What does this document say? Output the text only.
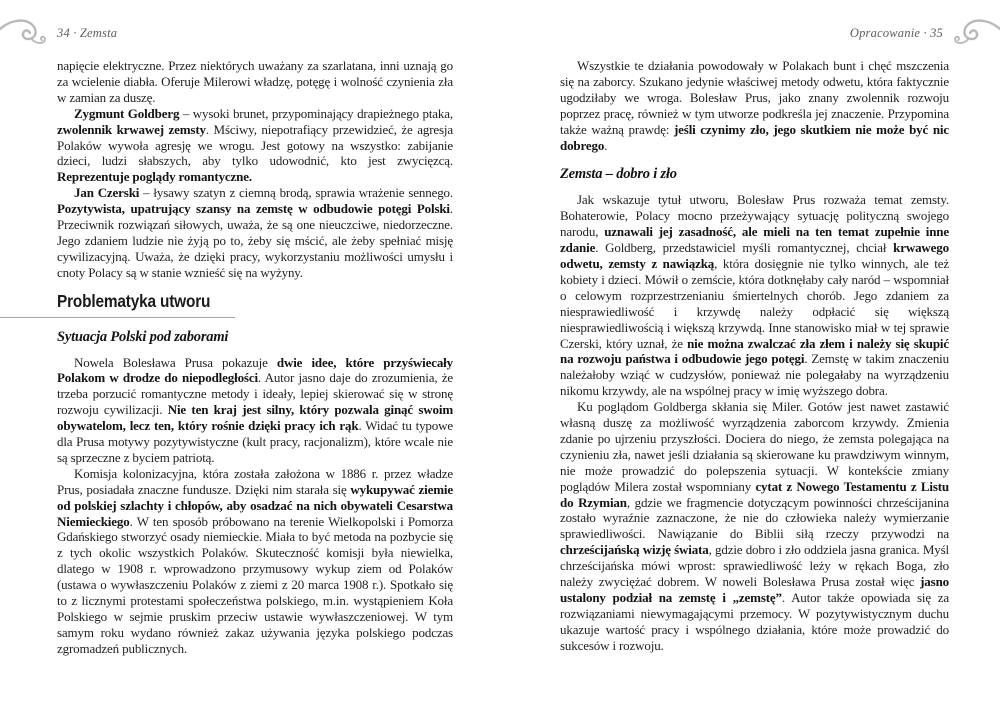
34 · Zemsta	Opracowanie · 35

napięcie elektryczne. Przez niektórych uważany za szarlatana, inni uznają go za wcielenie diabła. Oferuje Milerowi władzę, potęgę i wolność czynienia zła w zamian za duszę.

Zygmunt Goldberg – wysoki brunet, przypominający drapieżnego ptaka, zwolennik krwawej zemsty. Mściwy, niepotrafiący przewidzieć, że agresja Polaków wywoła agresję we wrogu. Jest gotowy na wszystko: zabijanie dzieci, ludzi słabszych, aby tylko udowodnić, kto jest zwycięzcą. Reprezentuje poglądy romantyczne.

Jan Czerski – łysawy szatyn z ciemną brodą, sprawia wrażenie sennego. Pozytywista, upatrujący szansy na zemstę w odbudowie potęgi Polski. Przeciwnik rozwiązań siłowych, uważa, że są one nieuczciwe, niedorzeczne. Jego zdaniem ludzie nie żyją po to, żeby się mścić, ale żeby spełniać misję cywilizacyjną. Uważa, że dzięki pracy, wykorzystaniu możliwości umysłu i cnoty Polacy są w stanie wznieść się na wyżyny.

Problematyka utworu
Sytuacja Polski pod zaborami

Nowela Bolesława Prusa pokazuje dwie idee, które przyświecały Polakom w drodze do niepodległości. Autor jasno daje do zrozumienia, że trzeba porzucić romantyczne metody i ideały, lepiej skierować się w stronę rozwoju cywilizacji. Nie ten kraj jest silny, który pozwala ginąć swoim obywatelom, lecz ten, który rośnie dzięki pracy ich rąk. Widać tu typowe dla Prusa motywy pozytywistyczne (kult pracy, racjonalizm), które wcale nie są sprzeczne z byciem patriotą.

Komisja kolonizacyjna, która została założona w 1886 r. przez władze Prus, posiadała znaczne fundusze. Dzięki nim starała się wykupywać ziemie od polskiej szlachty i chłopów, aby osadzać na nich obywateli Cesarstwa Niemieckiego. W ten sposób próbowano na terenie Wielkopolski i Pomorza Gdańskiego stworzyć osady niemieckie. Miała to być metoda na pozbycie się z tych okolic wszystkich Polaków. Skuteczność komisji była niewielka, dlatego w 1908 r. wprowadzono przymusowy wykup ziem od Polaków (ustawa o wywłaszczeniu Polaków z ziemi z 20 marca 1908 r.). Spotkało się to z licznymi protestami społeczeństwa polskiego, m.in. wystąpieniem Koła Polskiego w sejmie pruskim przeciw ustawie wywłaszczeniowej. W tym samym roku wydano również zakaz używania języka polskiego podczas zgromadzeń publicznych.

Wszystkie te działania powodowały w Polakach bunt i chęć mszczenia się na zaborcy. Szukano jedynie właściwej metody odwetu, która faktycznie ugodziłaby we wroga. Bolesław Prus, jako znany zwolennik rozwoju poprzez pracę, również w tym utworze podkreśla jej znaczenie. Przypomina także ważną prawdę: jeśli czynimy zło, jego skutkiem nie może być nic dobrego.

Zemsta – dobro i zło

Jak wskazuje tytuł utworu, Bolesław Prus rozważa temat zemsty. Bohaterowie, Polacy mocno przeżywający sytuację polityczną swojego narodu, uznawali jej zasadność, ale mieli na ten temat zupełnie inne zdanie. Goldberg, przedstawiciel myśli romantycznej, chciał krwawego odwetu, zemsty z nawiązką, która dosięgnie nie tylko winnych, ale też kobiety i dzieci. Mówił o zemście, która dotknęłaby cały naród – wspomniał o celowym rozprzestrzenianiu śmiertelnych chorób. Jego zdaniem za niesprawiedliwość i krzywdę należy odpłacić się większą niesprawiedliwością i większą krzywdą. Inne stanowisko miał w tej sprawie Czerski, który uznał, że nie można zwalczać zła złem i należy się skupić na rozwoju państwa i odbudowie jego potęgi. Zemstę w takim znaczeniu należałoby wziąć w cudzysłów, ponieważ nie polegałaby na wyrządzeniu nikomu krzywdy, ale na wspólnej pracy w imię wyższego dobra.

Ku poglądom Goldberga skłania się Miler. Gotów jest nawet zastawić własną duszę za możliwość wyrządzenia zaborcom krzywdy. Zmienia zdanie po ujrzeniu przyszłości. Dociera do niego, że zemsta polegająca na czynieniu zła, nawet jeśli działania są skierowane ku prawdziwym winnym, nie może prowadzić do polepszenia sytuacji. W kontekście zmiany poglądów Milera został wspomniany cytat z Nowego Testamentu z Listu do Rzymian, gdzie we fragmencie dotyczącym powinności chrześcijanina zostało wyraźnie zaznaczone, że nie do człowieka należy wymierzanie sprawiedliwości. Nawiązanie do Biblii siłą rzeczy przywodzi na chrześcijańską wizję świata, gdzie dobro i zło oddziela jasna granica. Myśl chrześcijańska mówi wprost: sprawiedliwość leży w rękach Boga, zło należy zwyciężać dobrem. W noweli Bolesława Prusa został więc jasno ustalony podział na zemstę i „zemstę”. Autor także opowiada się za rozwiązaniami niewymagającymi przemocy. W pozytywistycznym duchu ukazuje wartość pracy i wspólnego działania, które może prowadzić do sukcesów i rozwoju.
